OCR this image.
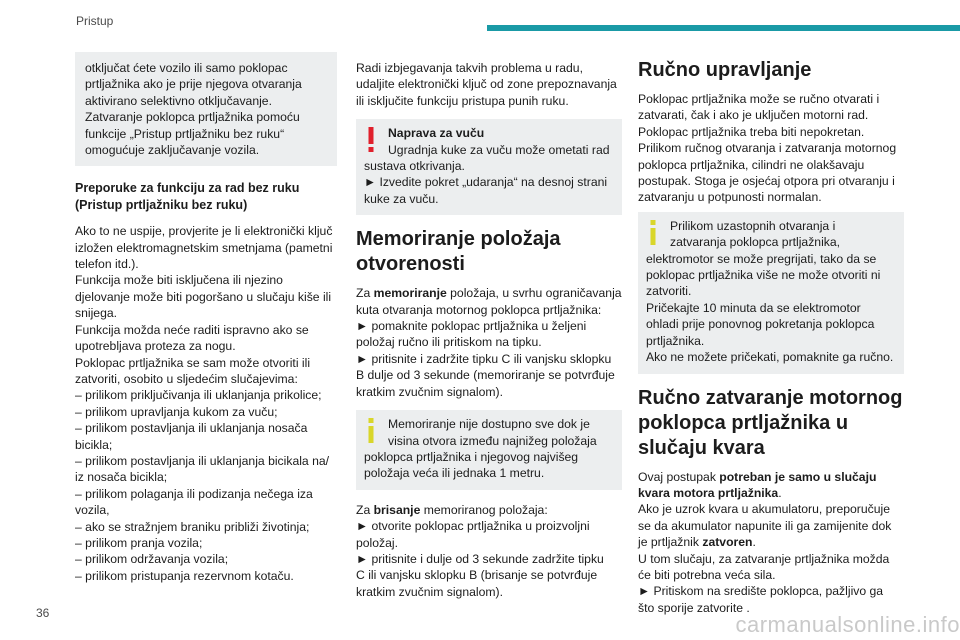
Pristup
otključat ćete vozilo ili samo poklopac
prtljažnika ako je prije njegova otvaranja
aktivirano selektivno otključavanje.
Zatvaranje poklopca prtljažnika pomoću
funkcije „Pristup prtljažniku bez ruku“
omogućuje zaključavanje vozila.
Preporuke za funkciju za rad bez ruku
(Pristup prtljažniku bez ruku)
Ako to ne uspije, provjerite je li elektronički ključ
izložen elektromagnetskim smetnjama (pametni
telefon itd.).
Funkcija može biti isključena ili njezino
djelovanje može biti pogoršano u slučaju kiše ili
snijega.
Funkcija možda neće raditi ispravno ako se
upotrebljava proteza za nogu.
Poklopac prtljažnika se sam može otvoriti ili
zatvoriti, osobito u sljedećim slučajevima:
– prilikom priključivanja ili uklanjanja prikolice;
– prilikom upravljanja kukom za vuču;
– prilikom postavljanja ili uklanjanja nosača
bicikla;
– prilikom postavljanja ili uklanjanja bicikala na/
iz nosača bicikla;
– prilikom polaganja ili podizanja nečega iza
vozila,
– ako se stražnjem braniku približi životinja;
– prilikom pranja vozila;
– prilikom održavanja vozila;
– prilikom pristupanja rezervnom kotaču.
Radi izbjegavanja takvih problema u radu,
udaljite elektronički ključ od zone prepoznavanja
ili isključite funkciju pristupa punih ruku.
Naprava za vuču
Ugradnja kuke za vuču može ometati rad
sustava otkrivanja.
► Izvedite pokret „udaranja“ na desnoj strani
kuke za vuču.
Memoriranje položaja
otvorenosti
Za memoriranje položaja, u svrhu ograničavanja
kuta otvaranja motornog poklopca prtljažnika:
► pomaknite poklopac prtljažnika u željeni
položaj ručno ili pritiskom na tipku.
► pritisnite i zadržite tipku C ili vanjsku sklopku
B dulje od 3 sekunde (memoriranje se potvrđuje
kratkim zvučnim signalom).
Memoriranje nije dostupno sve dok je
visina otvora između najnižeg položaja
poklopca prtljažnika i njegovog najvišeg
položaja veća ili jednaka 1 metru.
Za brisanje memoriranog položaja:
► otvorite poklopac prtljažnika u proizvoljni
položaj.
► pritisnite i dulje od 3 sekunde zadržite tipku
C ili vanjsku sklopku B (brisanje se potvrđuje
kratkim zvučnim signalom).
Ručno upravljanje
Poklopac prtljažnika može se ručno otvarati i
zatvarati, čak i ako je uključen motorni rad.
Poklopac prtljažnika treba biti nepokretan.
Prilikom ručnog otvaranja i zatvaranja motornog
poklopca prtljažnika, cilindri ne olakšavaju
postupak. Stoga je osjećaj otpora pri otvaranju i
zatvaranju u potpunosti normalan.
Prilikom uzastopnih otvaranja i
zatvaranja poklopca prtljažnika,
elektromotor se može pregrijati, tako da se
poklopac prtljažnika više ne može otvoriti ni
zatvoriti.
Pričekajte 10 minuta da se elektromotor
ohladi prije ponovnog pokretanja poklopca
prtljažnika.
Ako ne možete pričekati, pomaknite ga ručno.
Ručno zatvaranje motornog
poklopca prtljažnika u
slučaju kvara
Ovaj postupak potreban je samo u slučaju
kvara motora prtljažnika.
Ako je uzrok kvara u akumulatoru, preporučuje
se da akumulator napunite ili ga zamijenite dok
je prtljažnik zatvoren.
U tom slučaju, za zatvaranje prtljažnika možda
će biti potrebna veća sila.
► Pritiskom na središte poklopca, pažljivo ga
što sporije zatvorite .
36	carmanualsonline.info
